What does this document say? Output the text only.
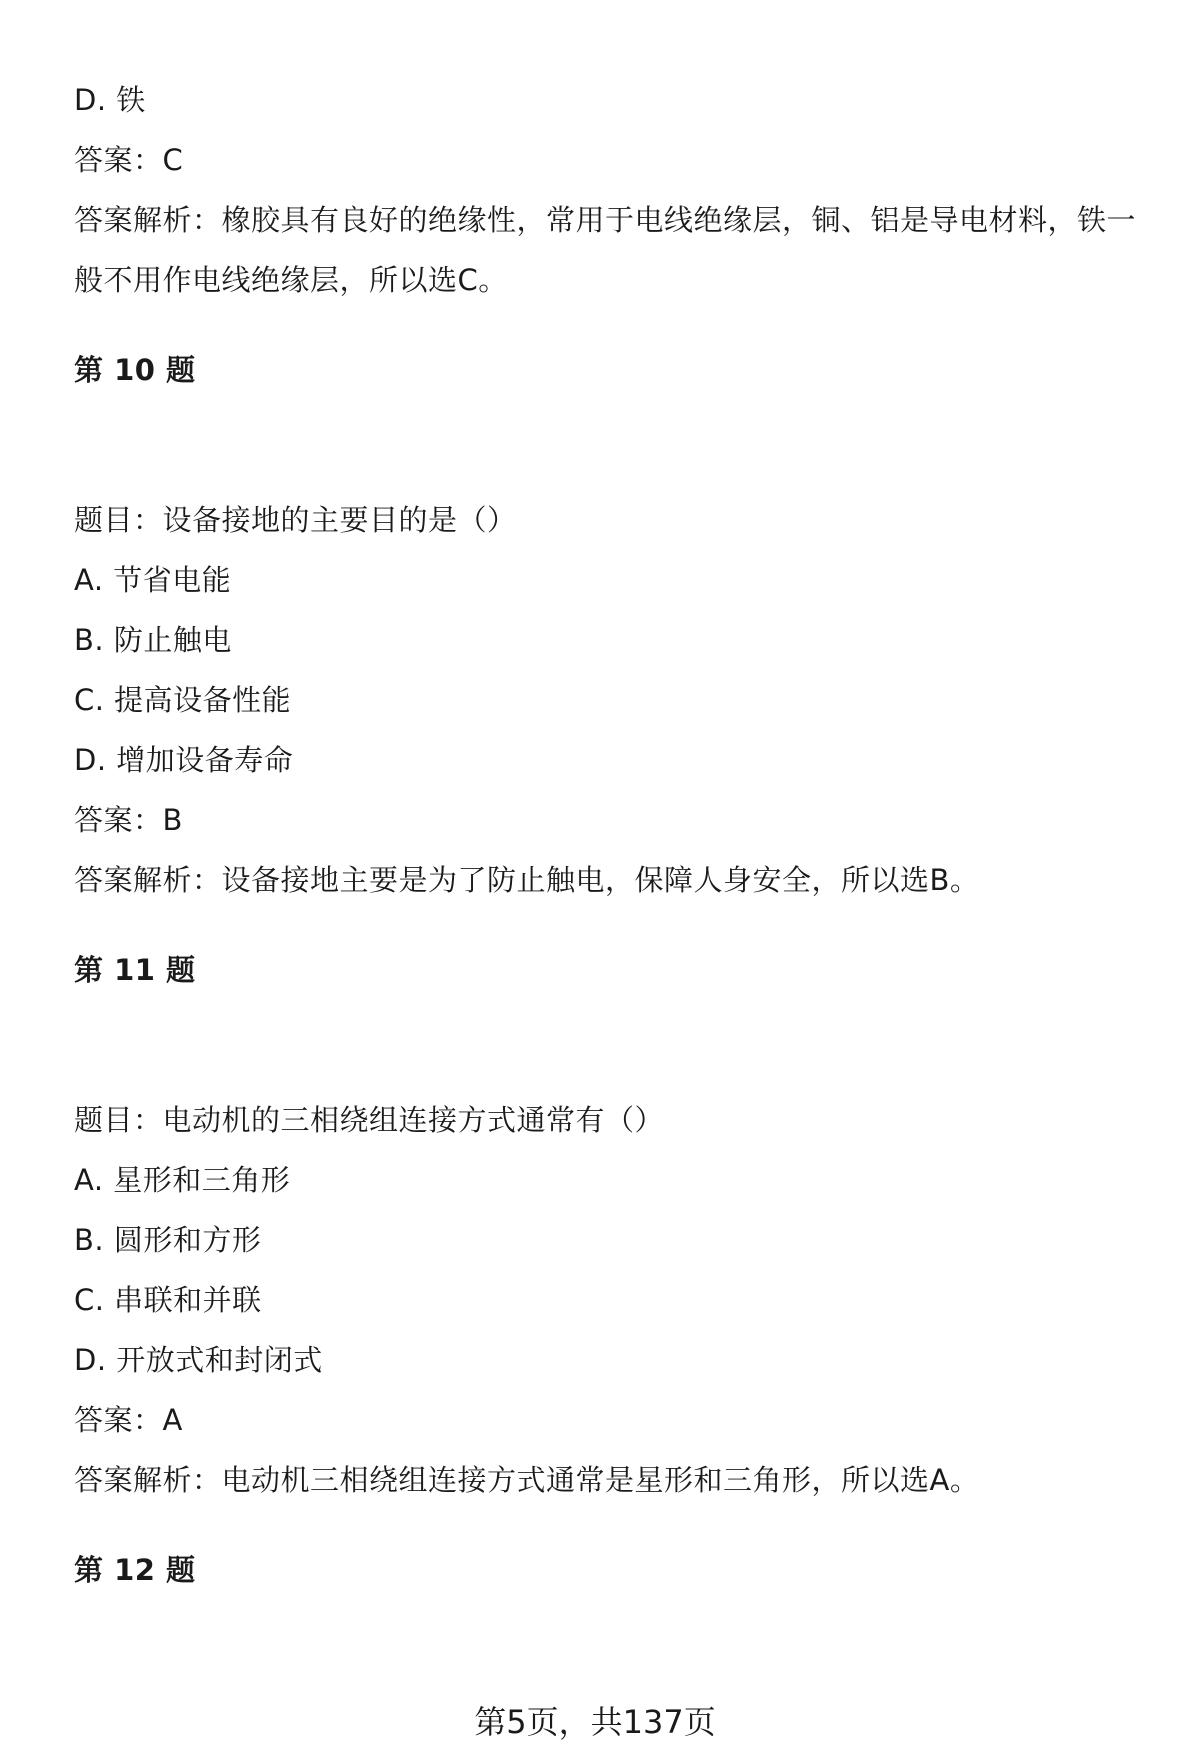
D. 铁
答案：C
答案解析：橡胶具有良好的绝缘性，常用于电线绝缘层，铜、铝是导电材料，铁一
般不用作电线绝缘层，所以选C。
第 10 题
题目：设备接地的主要目的是（）
A. 节省电能
B. 防止触电
C. 提高设备性能
D. 增加设备寿命
答案：B
答案解析：设备接地主要是为了防止触电，保障人身安全，所以选B。
第 11 题
题目：电动机的三相绕组连接方式通常有（）
A. 星形和三角形
B. 圆形和方形
C. 串联和并联
D. 开放式和封闭式
答案：A
答案解析：电动机三相绕组连接方式通常是星形和三角形，所以选A。
第 12 题
第5页，共137页
